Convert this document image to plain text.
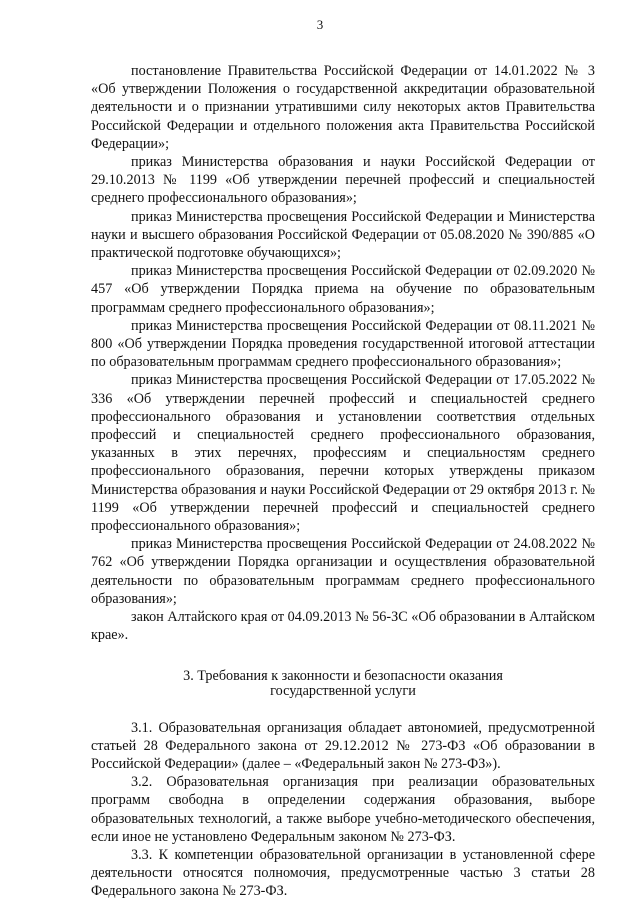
3

постановление Правительства Российской Федерации от 14.01.2022 № 3 «Об утверждении Положения о государственной аккредитации образовательной деятельности и о признании утратившими силу некоторых актов Правительства Российской Федерации и отдельного положения акта Правительства Российской Федерации»;

приказ Министерства образования и науки Российской Федерации от 29.10.2013 № 1199 «Об утверждении перечней профессий и специальностей среднего профессионального образования»;

приказ Министерства просвещения Российской Федерации и Министерства науки и высшего образования Российской Федерации от 05.08.2020 № 390/885 «О практической подготовке обучающихся»;

приказ Министерства просвещения Российской Федерации от 02.09.2020 № 457 «Об утверждении Порядка приема на обучение по образовательным программам среднего профессионального образования»;

приказ Министерства просвещения Российской Федерации от 08.11.2021 № 800 «Об утверждении Порядка проведения государственной итоговой аттестации по образовательным программам среднего профессионального образования»;

приказ Министерства просвещения Российской Федерации от 17.05.2022 № 336 «Об утверждении перечней профессий и специальностей среднего профессионального образования и установлении соответствия отдельных профессий и специальностей среднего профессионального образования, указанных в этих перечнях, профессиям и специальностям среднего профессионального образования, перечни которых утверждены приказом Министерства образования и науки Российской Федерации от 29 октября 2013 г. № 1199 «Об утверждении перечней профессий и специальностей среднего профессионального образования»;

приказ Министерства просвещения Российской Федерации от 24.08.2022 № 762 «Об утверждении Порядка организации и осуществления образовательной деятельности по образовательным программам среднего профессионального образования»;

закон Алтайского края от 04.09.2013 № 56-ЗС «Об образовании в Алтайском крае».

3. Требования к законности и безопасности оказания
государственной услуги

3.1. Образовательная организация обладает автономией, предусмотренной статьей 28 Федерального закона от 29.12.2012 № 273-ФЗ «Об образовании в Российской Федерации» (далее – «Федеральный закон № 273-ФЗ»).

3.2. Образовательная организация при реализации образовательных программ свободна в определении содержания образования, выборе образовательных технологий, а также выборе учебно-методического обеспечения, если иное не установлено Федеральным законом № 273-ФЗ.

3.3. К компетенции образовательной организации в установленной сфере деятельности относятся полномочия, предусмотренные частью 3 статьи 28 Федерального закона № 273-ФЗ.
